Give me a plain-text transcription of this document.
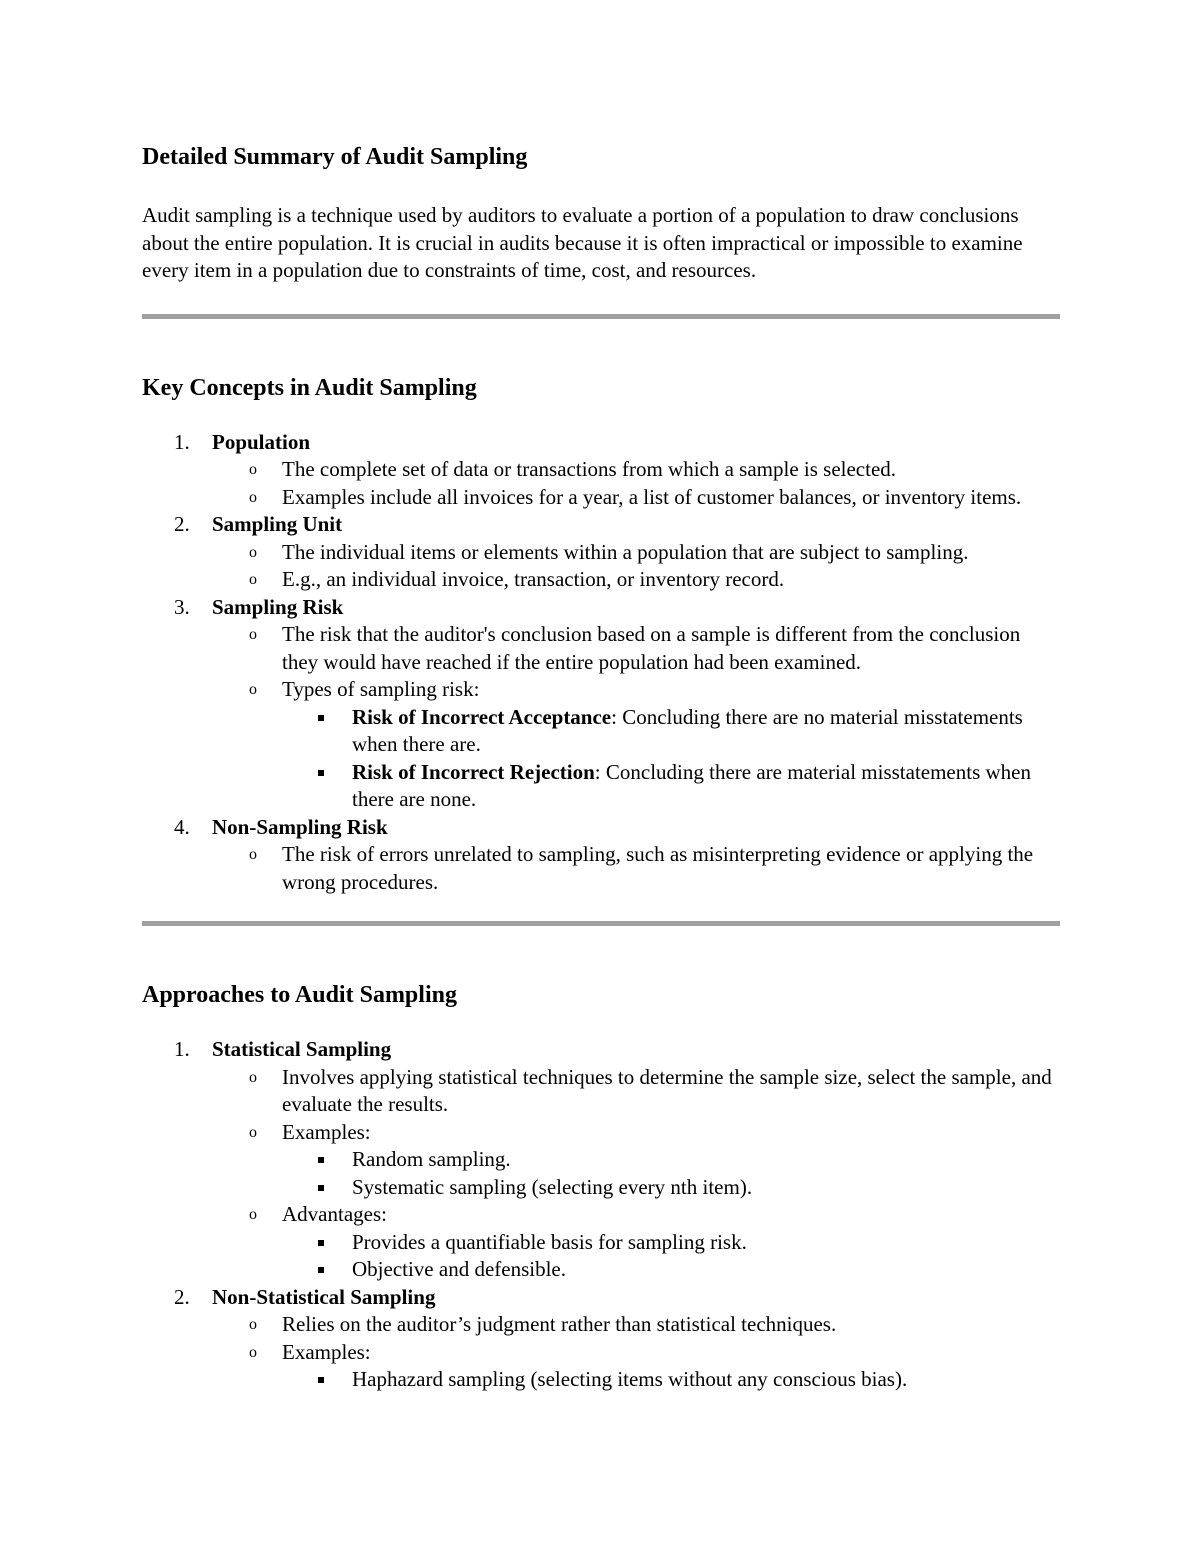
Detailed Summary of Audit Sampling

Audit sampling is a technique used by auditors to evaluate a portion of a population to draw conclusions about the entire population. It is crucial in audits because it is often impractical or impossible to examine every item in a population due to constraints of time, cost, and resources.

Key Concepts in Audit Sampling
1. Population
o The complete set of data or transactions from which a sample is selected.
o Examples include all invoices for a year, a list of customer balances, or inventory items.
2. Sampling Unit
o The individual items or elements within a population that are subject to sampling.
o E.g., an individual invoice, transaction, or inventory record.
3. Sampling Risk
o The risk that the auditor's conclusion based on a sample is different from the conclusion they would have reached if the entire population had been examined.
o Types of sampling risk:
Risk of Incorrect Acceptance: Concluding there are no material misstatements when there are.
Risk of Incorrect Rejection: Concluding there are material misstatements when there are none.
4. Non-Sampling Risk
o The risk of errors unrelated to sampling, such as misinterpreting evidence or applying the wrong procedures.
Approaches to Audit Sampling
1. Statistical Sampling
o Involves applying statistical techniques to determine the sample size, select the sample, and evaluate the results.
o Examples:
Random sampling.
Systematic sampling (selecting every nth item).
o Advantages:
Provides a quantifiable basis for sampling risk.
Objective and defensible.
2. Non-Statistical Sampling
o Relies on the auditor’s judgment rather than statistical techniques.
o Examples:
Haphazard sampling (selecting items without any conscious bias).
